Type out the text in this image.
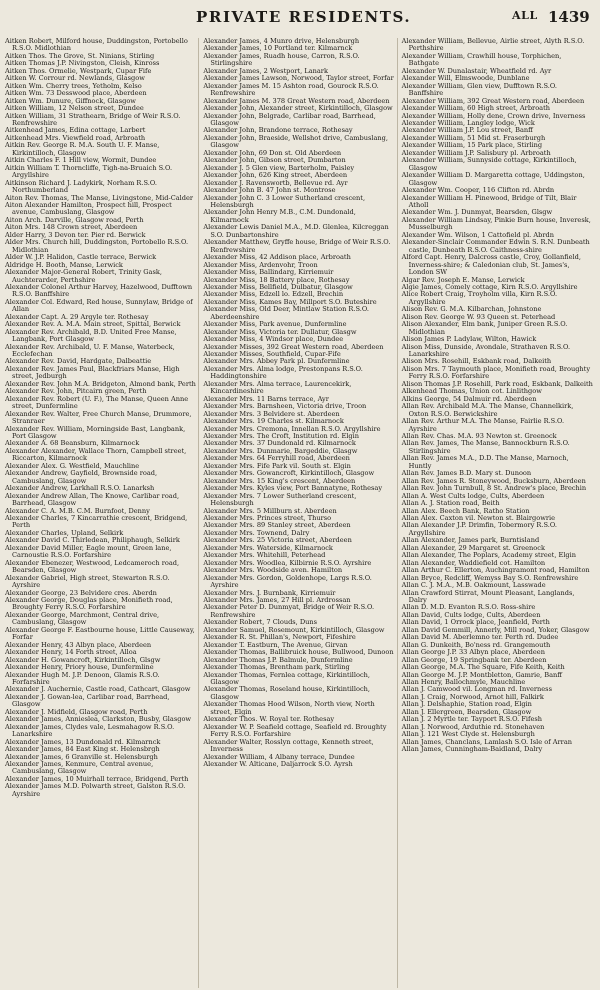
PRIVATE RESIDENTS.	ALL 1439
Aitken Robert, Milford house, Duddingston, Portobello R.S.O. Midlothian
Aitken Thos. The Grove, St. Ninians, Stirling
Aitken Thomas J.P. Nivingston, Cleish, Kinross
Aitken Thos. Ormelie, Westpark, Cupar Fife
Aitken W. Corrour rd. Newlands, Glasgow
Aitken Wm. Cherry trees, Yetholm, Kelso
Aitken Wm. 73 Desswood place, Aberdeen
Aitken Wm. Dunure, Giffnock, Glasgow
Aitken William, 12 Nelson street, Dundee
Aitken William, 31 Strathearn, Bridge of Weir R.S.O. Renfrewshire
Aitkenhead James, Edina cottage, Larbert
Aitkenhead Mrs. Viewfield road, Arbroath
Aitkin Rev. George R. M.A. South U. F. Manse, Kirkintilloch, Glasgow
Aitkin Charles F. 1 Hill view, Wormit, Dundee
Aitkin William T. Thorncliffe, Tigh-na-Bruaich S.O. Argyllshire
Aitkinson Richard J. Ladykirk, Norham R.S.O. Northumberland
Aiton Rev. Thomas, The Manse, Livingstone, Mid-Calder
Aiton Alexander Hamilton, Prospect hill, Prospect avenue, Cambuslang, Glasgow
Aiton Arch. Darville, Glasgow road, Perth
Aiton Mrs. 148 Crown street, Aberdeen
Alder Harry, 3 Devon ter. Pier rd. Berwick
Alder Mrs. Church hill, Duddingston, Portobello R.S.O. Midlothian
Alder W. J.P. Halidon, Castle terrace, Berwick
Aldridge H. Booth, Manse, Lerwick
Alexander Major-General Robert, Trinity Gask, Auchterarder, Perthshire
Alexander Colonel Arthur Harvey, Hazelwood, Dufftown R.S.O. Banffshire
Alexander Col. Edward, Red house, Sunnylaw, Bridge of Allan
Alexander Capt. A. 29 Argyle ter. Rothesay
Alexander Rev. A. M.A. Main street, Spittal, Berwick
Alexander Rev. Archibald, B.D. United Free Manse, Langbank, Port Glasgow
Alexander Rev. Archibald, U. F. Manse, Waterbeck, Ecclefechan
Alexander Rev. David, Hardgate, Dalbeattie
Alexander Rev. James Paul, Blackfriars Manse, High street, Jedburgh
Alexander Rev. John M.A. Bridgeton, Almond bank, Perth
Alexander Rev. John, Pitcairn green, Perth
Alexander Rev. Robert (U. F.), The Manse, Queen Anne street, Dunfermline
Alexander Rev. Walter, Free Church Manse, Drummore, Stranraer
Alexander Rev. William, Morningside Bast, Langbank, Port Glasgow
Alexander A. 68 Beansburn, Kilmarnock
Alexander Alexander, Wallace Thorn, Campbell street, Riccarton, Kilmarnock
Alexander Alex. G. Westfield, Mauchline
Alexander Andrew, Gayfield, Brownside road, Cambuslang, Glasgow
Alexander Andrew, Larkhall R.S.O. Lanarksh
Alexander Andrew Allan, The Knowe, Carlibar road, Barrhead, Glasgow
Alexander C. A. M.B. C.M. Burnfoot, Denny
Alexander Charles, 7 Kincarrathie crescent, Bridgend, Perth
Alexander Charles, Upland, Selkirk
Alexander David C. Thirledean, Philiphaugh, Selkirk
Alexander David Miller, Eagle mount, Green lane, Carnoustie R.S.O. Forfarshire
Alexander Ebenezer, Westwood, Ledcameroch road, Bearsden, Glasgow
Alexander Gabriel, High street, Stewarton R.S.O. Ayrshire
Alexander George, 23 Belvidere cres. Aberdn
Alexander George, Douglas place, Monifieth road, Broughty Ferry R.S.O. Forfarshire
Alexander George, Marchmont, Central drive, Cambuslang, Glasgow
Alexander George F. Eastbourne house, Little Causeway, Forfar
Alexander Henry, 43 Albyn place, Aberdeen
Alexander Henry, 14 Forth street, Alloa
Alexander H. Gowancroft, Kirkintilloch, Glsgw
Alexander Henry, Priory house, Dunfermline
Alexander Hugh M. J.P. Denoon, Glamis R.S.O. Forfarshire
Alexander J. Auchernie, Castle road, Cathcart, Glasgow
Alexander J. Gowan-lea, Carlibar road, Barrhead, Glasgow
Alexander J. Midfield, Glasgow road, Perth
Alexander James, Annieslea, Clarkston, Busby, Glasgow
Alexander James, Clydes vale, Lesmahagow R.S.O. Lanarkshire
Alexander James, 13 Dundonald rd. Kilmarnck
Alexander James, 84 East King st. Helensbrgh
Alexander James, 6 Granville st. Helensburgh
Alexander James, Kenmure, Central avenue, Cambuslang, Glasgow
Alexander James, 10 Muirhall terrace, Bridgend, Perth
Alexander James M.D. Polwarth street, Galston R.S.O. Ayrshire
Alexander James, 4 Munro drive, Helensburgh
Alexander James, 10 Portland ter. Kilmarnck
Alexander James, Ruadh house, Carron, R.S.O. Stirlingshire
Alexander James, 2 Westport, Lanark
Alexander James Lawson, Norwood, Taylor street, Forfar
Alexander James M. 15 Ashton road, Gourock R.S.O. Renfrewshire
Alexander James M. 378 Great Western road, Aberdeen
Alexander John, Alexander street, Kirkintilloch, Glasgow
Alexander John, Belgrade, Carlibar road, Barrhead, Glasgow
Alexander John, Brandone terrace, Rothesay
Alexander John, Braeside, Wellshot drive, Cambuslang, Glasgow
Alexander John, 69 Don st. Old Aberdeen
Alexander John, Gibson street, Dumbarton
Alexander J. 5 Glen view, Barterholm, Paisley
Alexander John, 626 King street, Aberdeen
Alexander J. Ravenswortb, Bellevue rd. Ayr
Alexander John B. 47 John st. Montrose
Alexander John C. 3 Lower Sutherland crescent, Helensburgh
Alexander John Henry M.B., C.M. Dundonald, Kilmarnock
Alexander Lewis Daniel M.A., M.D. Glenlea, Kilcreggan S.O. Dunbartonshire
Alexander Matthew, Gryffe house, Bridge of Weir R.S.O. Renfrewshire
Alexander Miss, 42 Addison place, Arbroath
Alexander Miss, Ardenvohr, Troon
Alexander Miss, Ballindarg, Kirriemuir
Alexander Miss, 18 Battery place, Rothesay
Alexander Miss, Bellfield, Dulbatur, Glasgow
Alexander Miss, Edzell lo. Edzell, Brechin
Alexander Miss, Kames Bay, Millport S.O. Buteshire
Alexander Miss, Old Deer, Mintlaw Station R.S.O. Aberdeenshire
Alexander Miss, Park avenue, Dunfermline
Alexander Miss, Victoria ter. Dullatur, Glasgw
Alexander Miss, 4 Windsor place, Dundee
Alexander Misses, 392 Great Western road, Aberdeen
Alexander Misses, Southfield, Cupar-Fife
Alexander Mrs. Abbey Park pl. Dunfermline
Alexander Mrs. Alma lodge, Prestonpans R.S.O. Haddingtonshire
Alexander Mrs. Alma terrace, Laurencekirk, Kincardineshire
Alexander Mrs. 11 Barns terrace, Ayr
Alexander Mrs. Barnsheen, Victoria drive, Troon
Alexander Mrs. 3 Belvidere st. Aberdeen
Alexander Mrs. 19 Charles st. Kilmarnock
Alexander Mrs. Cremona, Innellan R.S.O. Argyllshire
Alexander Mrs. The Croft, Institution rd. Elgin
Alexander Mrs. 37 Dundonald rd. Kilmarnock
Alexander Mrs. Dunmarie, Bargeddie, Glasgw
Alexander Mrs. 64 Ferryhill road, Aberdeen
Alexander Mrs. Fife Park vil. South st. Elgin
Alexander Mrs. Gowancroft, Kirkintilloch, Glasgow
Alexander Mrs. 15 King's crescent, Aberdeen
Alexander Mrs. Kyles view, Port Bannatyne, Rothesay
Alexander Mrs. 7 Lower Sutherland crescent, Helensburgh
Alexander Mrs. 5 Millburn st. Aberdeen
Alexander Mrs. Princes street, Thurso
Alexander Mrs. 89 Stanley street, Aberdeen
Alexander Mrs. Townend, Dalry
Alexander Mrs. 25 Victoria street, Aberdeen
Alexander Mrs. Waterside, Kilmarnock
Alexander Mrs. Whitehill, Peterhead
Alexander Mrs. Woodlea, Kilbirnie R.S.O. Ayrshire
Alexander Mrs. Woodside aven. Hamilton
Alexander Mrs. Gordon, Goldenhope, Largs R.S.O. Ayrshire
Alexander Mrs. J. Burnbank, Kirriemuir
Alexander Mrs. James, 27 Hill pl. Ardrossan
Alexander Peter D. Dunmyat, Bridge of Weir R.S.O. Renfrewshire
Alexander Robert, 7 Clouds, Duns
Alexander Samuel, Rosemount, Kirkintilloch, Glasgow
Alexander R. St. Phillan's, Newport, Fifeshire
Alexander T. Eastburn, The Avenue, Girvan
Alexander Thomas, Ballibruick house, Bullwood, Dunoon
Alexander Thomas J.P. Balmule, Dunfermline
Alexander Thomas, Brentham park, Stirling
Alexander Thomas, Fernlea cottage, Kirkintilloch, Glasgow
Alexander Thomas, Roseland house, Kirkintilloch, Glasgow
Alexander Thomas Hood Wilson, North view, North street, Elgin
Alexander Thos. W. Royal ter. Rothesay
Alexander W. P. Seafield cottage, Seafield rd. Broughty Ferry R.S.O. Forfarshire
Alexander Walter, Rosslyn cottage, Kenneth street, Inverness
Alexander William, 4 Albany terrace, Dundee
Alexander W. Alticane, Daljarrock S.O. Ayrsh
Alexander William, Bellevue, Airlie street, Alyth R.S.O. Perthshire
Alexander William, Crawhill house, Torphichen, Bathgate
Alexander W. Dunalastair, Wheatfield rd. Ayr
Alexander Will, Elmswoode, Dunblane
Alexander William, Glen view, Dufftown R.S.O. Banffshire
Alexander William, 392 Great Western road, Aberdeen
Alexander William, 60 High street, Arbroath
Alexander William, Holly dene, Crown drive, Inverness
Alexander William, Langley lodge, Wick
Alexander William J.P. Lou street, Banff
Alexander William, 51 Mid st. Fraserburgh
Alexander William, 15 Park place, Stirling
Alexander William J.P. Salisbury pl. Arbroath
Alexander William, Sunnyside cottage, Kirkintilloch, Glasgow
Alexander William D. Margaretta cottage, Uddingston, Glasgow
Alexander Wm. Cooper, 116 Clifton rd. Abrdn
Alexander William H. Pinewood, Bridge of Tilt, Blair Atholl
Alexander Wm. J. Dunmyat, Bearsden, Glsgw
Alexander William Lindsay, Pinkie Burn house, Inveresk, Musselburgh
Alexander Wm. Wilson, 1 Cattofield pl. Abrdn
Alexander-Sinclair Commander Edwin S. R.N. Dunbeath castle, Dunbeath R.S.O. Caithness-shire
Alford Capt. Henry, Dalcross castle, Croy, Gollanfield, Inverness-shire; & Caledonian club, St. James's, London SW
Algar Rev. Joseph E. Manse, Lerwick
Algie James, Comely cottage, Kirn R.S.O. Argyllshire
Alice Robert Craig, Troyholm villa, Kirn R.S.O. Argyllshire
Alison Rev. G. M.A. Kilbarchan, Johnstone
Alison Rev. George W. 93 Queen st. Peterhead
Alison Alexander, Elm bank, Juniper Green R.S.O. Midlothian
Alison James P. Ladylaw, Wilton, Hawick
Alison Miss, Dunside, Avondale, Strathaven R.S.O. Lanarkshire
Alison Mrs. Rosehill, Eskbank road, Dalkeith
Alison Mrs. 7 Taymouth place, Monifieth road, Broughty Ferry R.S.O. Forfarshire
Alison Thomas J.P. Rosehill, Park road, Eskbank, Dalkeith
Alkenhead Thomas, Union cot. Linlithgow
Alkins George, 54 Dalmuir rd. Aberdeen
Allan Rev. Archibald M.A. The Manse, Channelkirk, Oxton R.S.O. Berwickshire
Allan Rev. Arthur M.A. The Manse, Fairlie R.S.O. Ayrshire
Allan Rev. Chas. M.A. 93 Newton st. Greenock
Allan Rev. James, The Manse, Bannockburn R.S.O. Stirlingshire
Allan Rev. James M.A., D.D. The Manse, Marnoch, Huntly
Allan Rev. James B.D. Mary st. Dunoon
Allan Rev. James R. Stoneywood, Bucksburn, Aberdeen
Allan Rev. John Turnbull, 8 St. Andrew's place, Brechin
Allan A. West Cults lodge, Cults, Aberdeen
Allan A. J. Station road, Beith
Allan Alex. Beech Bank, Ratho Station
Allan Alex. Caxton vil. Newton st. Blairgowrie
Allan Alexander J.P. Drimfin, Tobermory R.S.O. Argyllshire
Allan Alexander, James park, Burntisland
Allan Alexander, 29 Margaret st. Greenock
Allan Alexander, The Poplars, Academy street, Elgin
Allan Alexander, Waddiefield cot. Hamilton
Allan Arthur C. Ellerton, Auchingramont road, Hamilton
Allan Bryce, Redcliff, Wemyss Bay S.O. Renfrewshire
Allan C. J. M.A., M.B. Oakmount, Lasswade
Allan Crawford Stirrat, Mount Pleasant, Langlands, Dalry
Allan D. M.D. Evanton R.S.O. Ross-shire
Allan David, Cults lodge, Cults, Aberdeen
Allan David, 1 Orrock place, Jeanfield, Perth
Allan David Gemmill, Annerly, Mill road, Yoker, Glasgow
Allan David M. Aberlemno ter. Perth rd. Dudee
Allan G. Dunkeith, Bo'ness rd. Grangemouth
Allan George J.P. 33 Albyn place, Aberdeen
Allan George, 19 Springbank ter. Aberdeen
Allan George, M.A. The Square, Fife Keith, Keith
Allan George M. J.P. Montbletton, Gamrie, Banff
Allan Henry, Ballochmyle, Mauchline
Allan J. Camwood vil. Longman rd. Inverness
Allan J. Craig, Norwood, Arnot hill, Falkirk
Allan J. Delshaphie, Station road, Elgin
Allan J. Ellergreen, Bearsden, Glasgow
Allan J. 2 Myrtle ter. Tayport R.S.O. Fifesh
Allan J. Norwood, Arduthie rd. Stonehaven
Allan J. 121 West Clyde st. Helensburgh
Allan James, Chanclans, Lamlash S.O. Isle of Arran
Allan James, Cunningham-Baidland, Dalry
